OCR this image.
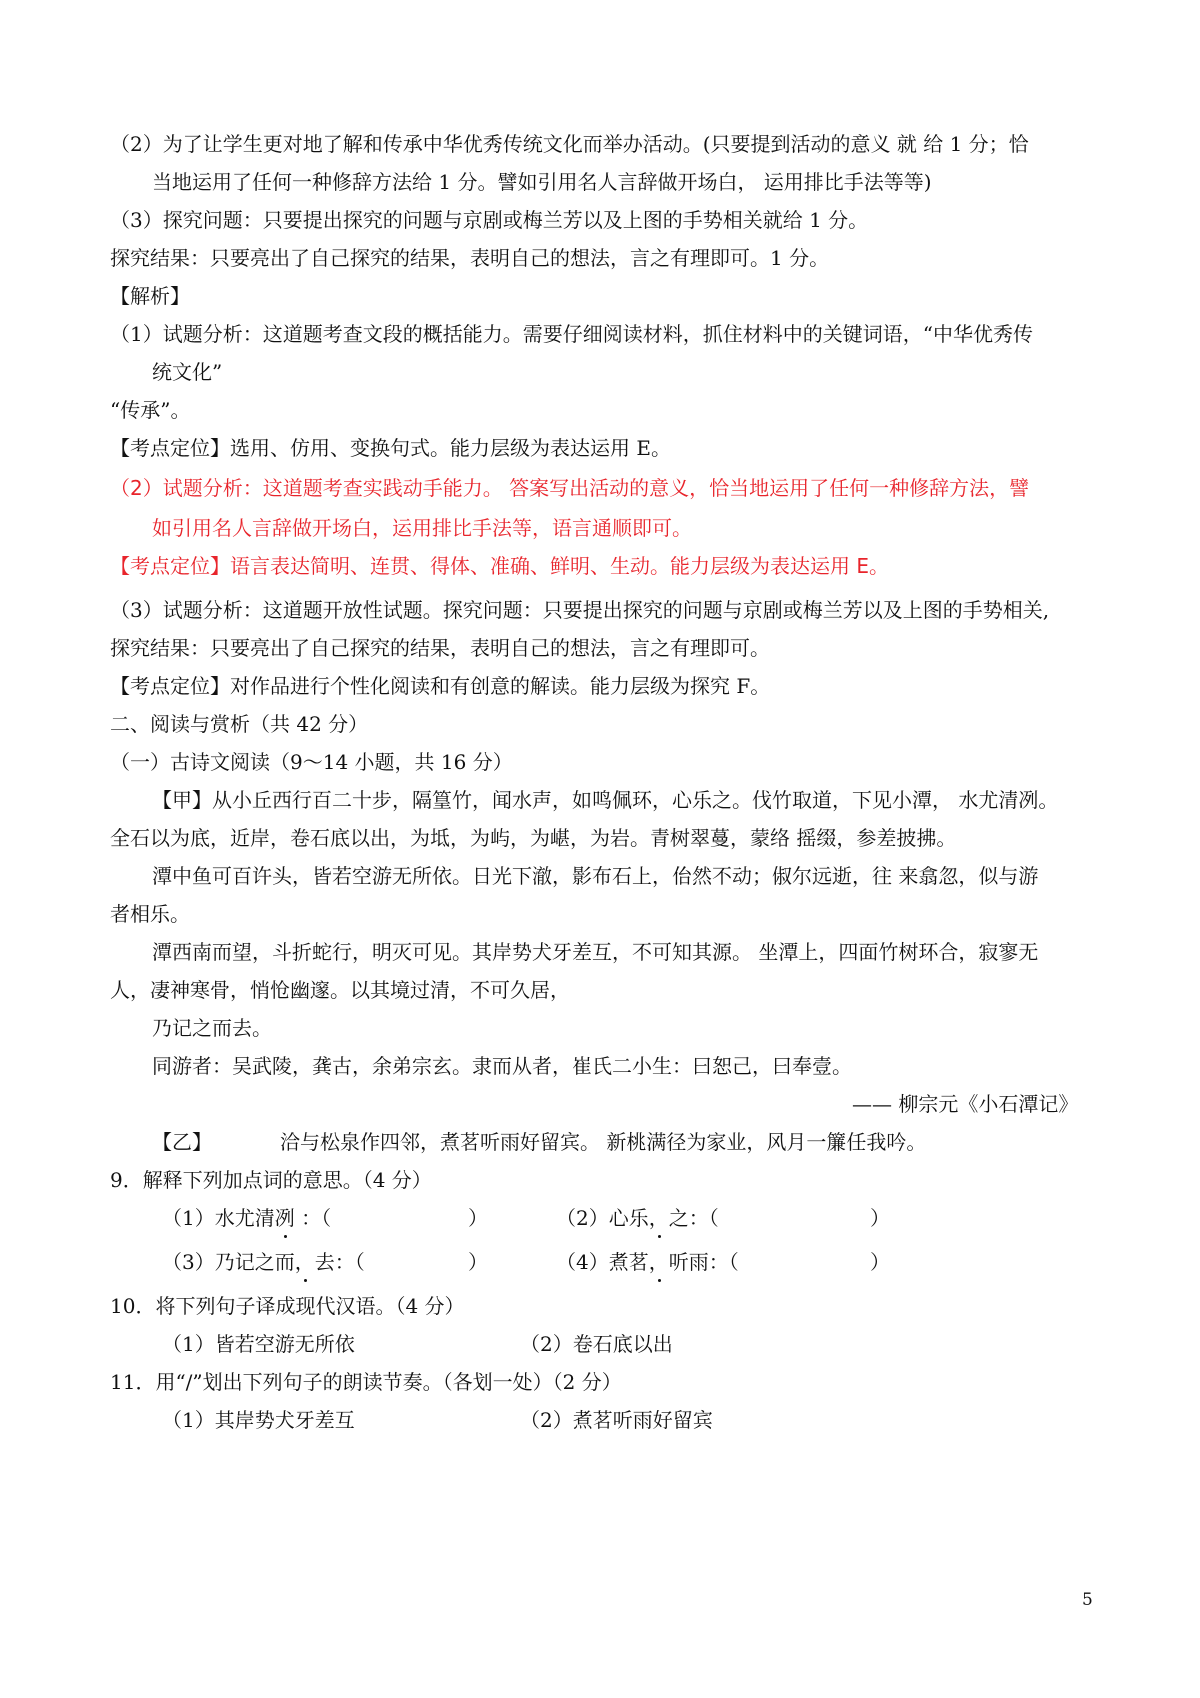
（2）为了让学生更对地了解和传承中华优秀传统文化而举办活动。(只要提到活动的意义 就 给 1 分；恰
当地运用了任何一种修辞方法给 1 分。譬如引用名人言辞做开场白， 运用排比手法等等)
（3）探究问题：只要提出探究的问题与京剧或梅兰芳以及上图的手势相关就给 1 分。
探究结果：只要亮出了自己探究的结果，表明自己的想法，言之有理即可。1 分。
【解析】
（1）试题分析：这道题考查文段的概括能力。需要仔细阅读材料，抓住材料中的关键词语，“中华优秀传
统文化”
“传承”。
【考点定位】选用、仿用、变换句式。能力层级为表达运用 E。
（2）试题分析：这道题考查实践动手能力。 答案写出活动的意义，恰当地运用了任何一种修辞方法，譬
如引用名人言辞做开场白，运用排比手法等，语言通顺即可。
【考点定位】语言表达简明、连贯、得体、准确、鲜明、生动。能力层级为表达运用 E。
（3）试题分析：这道题开放性试题。探究问题：只要提出探究的问题与京剧或梅兰芳以及上图的手势相关,
探究结果：只要亮出了自己探究的结果，表明自己的想法，言之有理即可。
【考点定位】对作品进行个性化阅读和有创意的解读。能力层级为探究 F。
二、阅读与赏析（共 42 分）
（一）古诗文阅读（9～14 小题，共 16 分）
【甲】从小丘西行百二十步，隔篁竹，闻水声，如鸣佩环，心乐之。伐竹取道，下见小潭， 水尤清冽。
全石以为底，近岸，卷石底以出，为坻，为屿，为嵁，为岩。青树翠蔓，蒙络 摇缀，参差披拂。
潭中鱼可百许头，皆若空游无所依。日光下澈，影布石上，佁然不动；俶尔远逝，往 来翕忽，似与游
者相乐。
潭西南而望，斗折蛇行，明灭可见。其岸势犬牙差互，不可知其源。 坐潭上，四面竹树环合，寂寥无
人，凄神寒骨，悄怆幽邃。以其境过清，不可久居，
乃记之而去。
同游者：吴武陵，龚古，余弟宗玄。隶而从者，崔氏二小生：曰恕己，曰奉壹。
—— 柳宗元《小石潭记》
【乙】	洽与松泉作四邻，煮茗听雨好留宾。 新桃满径为家业，风月一簾任我吟。
9．解释下列加点词的意思。（4 分）
（1）水尤清冽 ：（	）	（2）心乐，之：（	）
（3）乃记之而，去：（	）	（4）煮茗，听雨：（	）
10．将下列句子译成现代汉语。（4 分）
（1）皆若空游无所依	（2）卷石底以出
11．用“/”划出下列句子的朗读节奏。（各划一处）（2 分）
（1）其岸势犬牙差互	（2）煮茗听雨好留宾
5
